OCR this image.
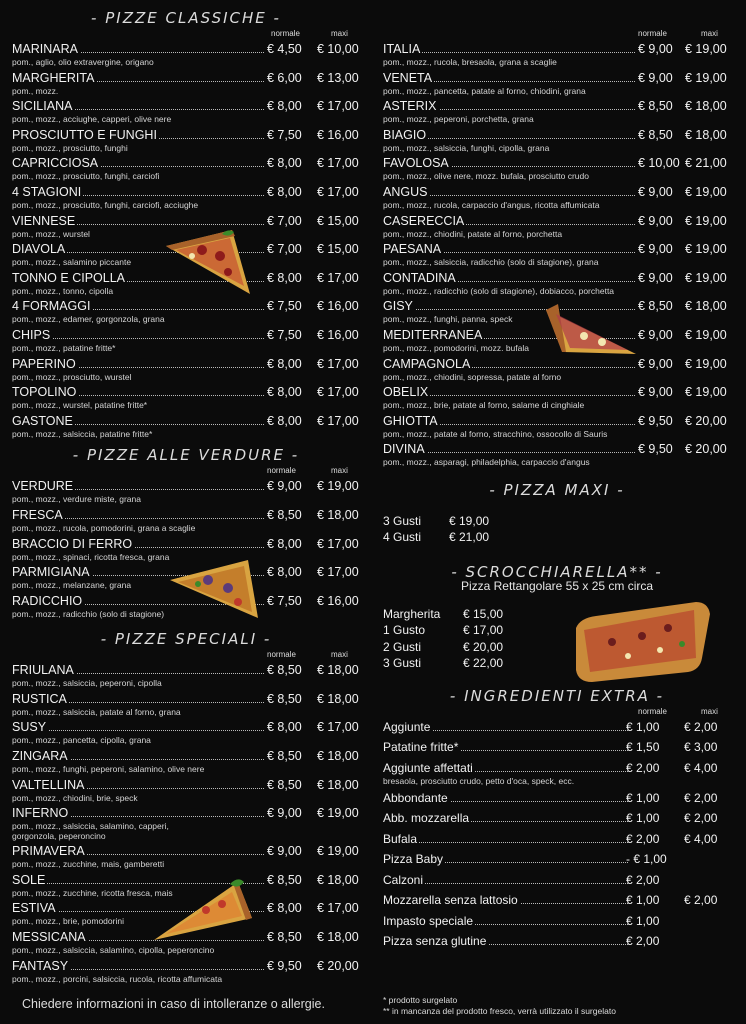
- PIZZE CLASSICHE -
normale	maxi
MARINARA	€ 4,50 € 10,00
pom., aglio, olio extravergine, origano
MARGHERITA	€ 6,00 € 13,00
pom., mozz.
SICILIANA	€ 8,00 € 17,00
pom., mozz., acciughe, capperi, olive nere
PROSCIUTTO E FUNGHI	€ 7,50 € 16,00
pom., mozz., prosciutto, funghi
CAPRICCIOSA	€ 8,00 € 17,00
pom., mozz., prosciutto, funghi, carciofi
4 STAGIONI	€ 8,00 € 17,00
pom., mozz., prosciutto, funghi, carciofi, acciughe
VIENNESE	€ 7,00 € 15,00
pom., mozz., wurstel
DIAVOLA	€ 7,00 € 15,00
pom., mozz., salamino piccante
TONNO E CIPOLLA	€ 8,00 € 17,00
pom., mozz., tonno, cipolla
4 FORMAGGI	€ 7,50 € 16,00
pom., mozz., edamer, gorgonzola, grana
CHIPS	€ 7,50 € 16,00
pom., mozz., patatine fritte*
PAPERINO	€ 8,00 € 17,00
pom., mozz., prosciutto, wurstel
TOPOLINO	€ 8,00 € 17,00
pom., mozz., wurstel, patatine fritte*
GASTONE	€ 8,00 € 17,00
pom., mozz., salsiccia, patatine fritte*
- PIZZE ALLE VERDURE -
normale	maxi
VERDURE	€ 9,00 € 19,00
pom., mozz., verdure miste, grana
FRESCA	€ 8,50 € 18,00
pom., mozz., rucola, pomodorini, grana a scaglie
BRACCIO DI FERRO	€ 8,00 € 17,00
pom., mozz., spinaci, ricotta fresca, grana
PARMIGIANA	€ 8,00 € 17,00
pom., mozz., melanzane, grana
RADICCHIO	€ 7,50 € 16,00
pom., mozz., radicchio (solo di stagione)
- PIZZE SPECIALI -
normale	maxi
FRIULANA	€ 8,50 € 18,00
pom., mozz., salsiccia, peperoni, cipolla
RUSTICA	€ 8,50 € 18,00
pom., mozz., salsiccia, patate al forno, grana
SUSY	€ 8,00 € 17,00
pom., mozz., pancetta, cipolla, grana
ZINGARA	€ 8,50 € 18,00
pom., mozz., funghi, peperoni, salamino, olive nere
VALTELLINA	€ 8,50 € 18,00
pom., mozz., chiodini, brie, speck
INFERNO	€ 9,00 € 19,00
pom., mozz., salsiccia, salamino, capperi,
gorgonzola, peperoncino
PRIMAVERA	€ 9,00 € 19,00
pom., mozz., zucchine, mais, gamberetti
SOLE	€ 8,50 € 18,00
pom., mozz., zucchine, ricotta fresca, mais
ESTIVA	€ 8,00 € 17,00
pom., mozz., brie, pomodorini
MESSICANA	€ 8,50 € 18,00
pom., mozz., salsiccia, salamino, cipolla, peperoncino
FANTASY	€ 9,50 € 20,00
pom., mozz., porcini, salsiccia, rucola, ricotta affumicata
normale	maxi
ITALIA	€ 9,00 € 19,00
pom., mozz., rucola, bresaola, grana a scaglie
VENETA	€ 9,00 € 19,00
pom., mozz., pancetta, patate al forno, chiodini, grana
ASTERIX	€ 8,50 € 18,00
pom., mozz., peperoni, porchetta, grana
BIAGIO	€ 8,50 € 18,00
pom., mozz., salsiccia, funghi, cipolla, grana
FAVOLOSA	€ 10,00 € 21,00
pom., mozz., olive nere, mozz. bufala, prosciutto crudo
ANGUS	€ 9,00 € 19,00
pom., mozz., rucola, carpaccio d'angus, ricotta affumicata
CASERECCIA	€ 9,00 € 19,00
pom., mozz., chiodini, patate al forno, porchetta
PAESANA	€ 9,00 € 19,00
pom., mozz., salsiccia, radicchio (solo di stagione), grana
CONTADINA	€ 9,00 € 19,00
pom., mozz., radicchio (solo di stagione), dobiacco, porchetta
GISY	€ 8,50 € 18,00
pom., mozz., funghi, panna, speck
MEDITERRANEA	€ 9,00 € 19,00
pom., mozz., pomodorini, mozz. bufala
CAMPAGNOLA	€ 9,00 € 19,00
pom., mozz., chiodini, sopressa, patate al forno
OBELIX	€ 9,00 € 19,00
pom., mozz., brie, patate al forno, salame di cinghiale
GHIOTTA	€ 9,50 € 20,00
pom., mozz., patate al forno, stracchino, ossocollo di Sauris
DIVINA	€ 9,50 € 20,00
pom., mozz., asparagi, philadelphia, carpaccio d'angus
- PIZZA MAXI -
3 Gusti € 19,00
4 Gusti € 21,00
- SCROCCHIARELLA** -
Pizza Rettangolare 55 x 25 cm circa
Margherita € 15,00
1 Gusto	€ 17,00
2 Gusti	€ 20,00
3 Gusti	€ 22,00
- INGREDIENTI EXTRA -
normale	maxi
Aggiunte	€ 1,00 € 2,00
Patatine fritte*	€ 1,50 € 3,00
Aggiunte affettati	€ 2,00 € 4,00
bresaola, prosciutto crudo, petto d'oca, speck, ecc.
Abbondante	€ 1,00 € 2,00
Abb. mozzarella	€ 1,00 € 2,00
Bufala	€ 2,00 € 4,00
Pizza Baby	- € 1,00
Calzoni	€ 2,00
Mozzarella senza lattosio	€ 1,00 € 2,00
Impasto speciale	€ 1,00
Pizza senza glutine	€ 2,00
Chiedere informazioni in caso di intolleranze o allergie.	* prodotto surgelato
** in mancanza del prodotto fresco, verrà utilizzato il surgelato
